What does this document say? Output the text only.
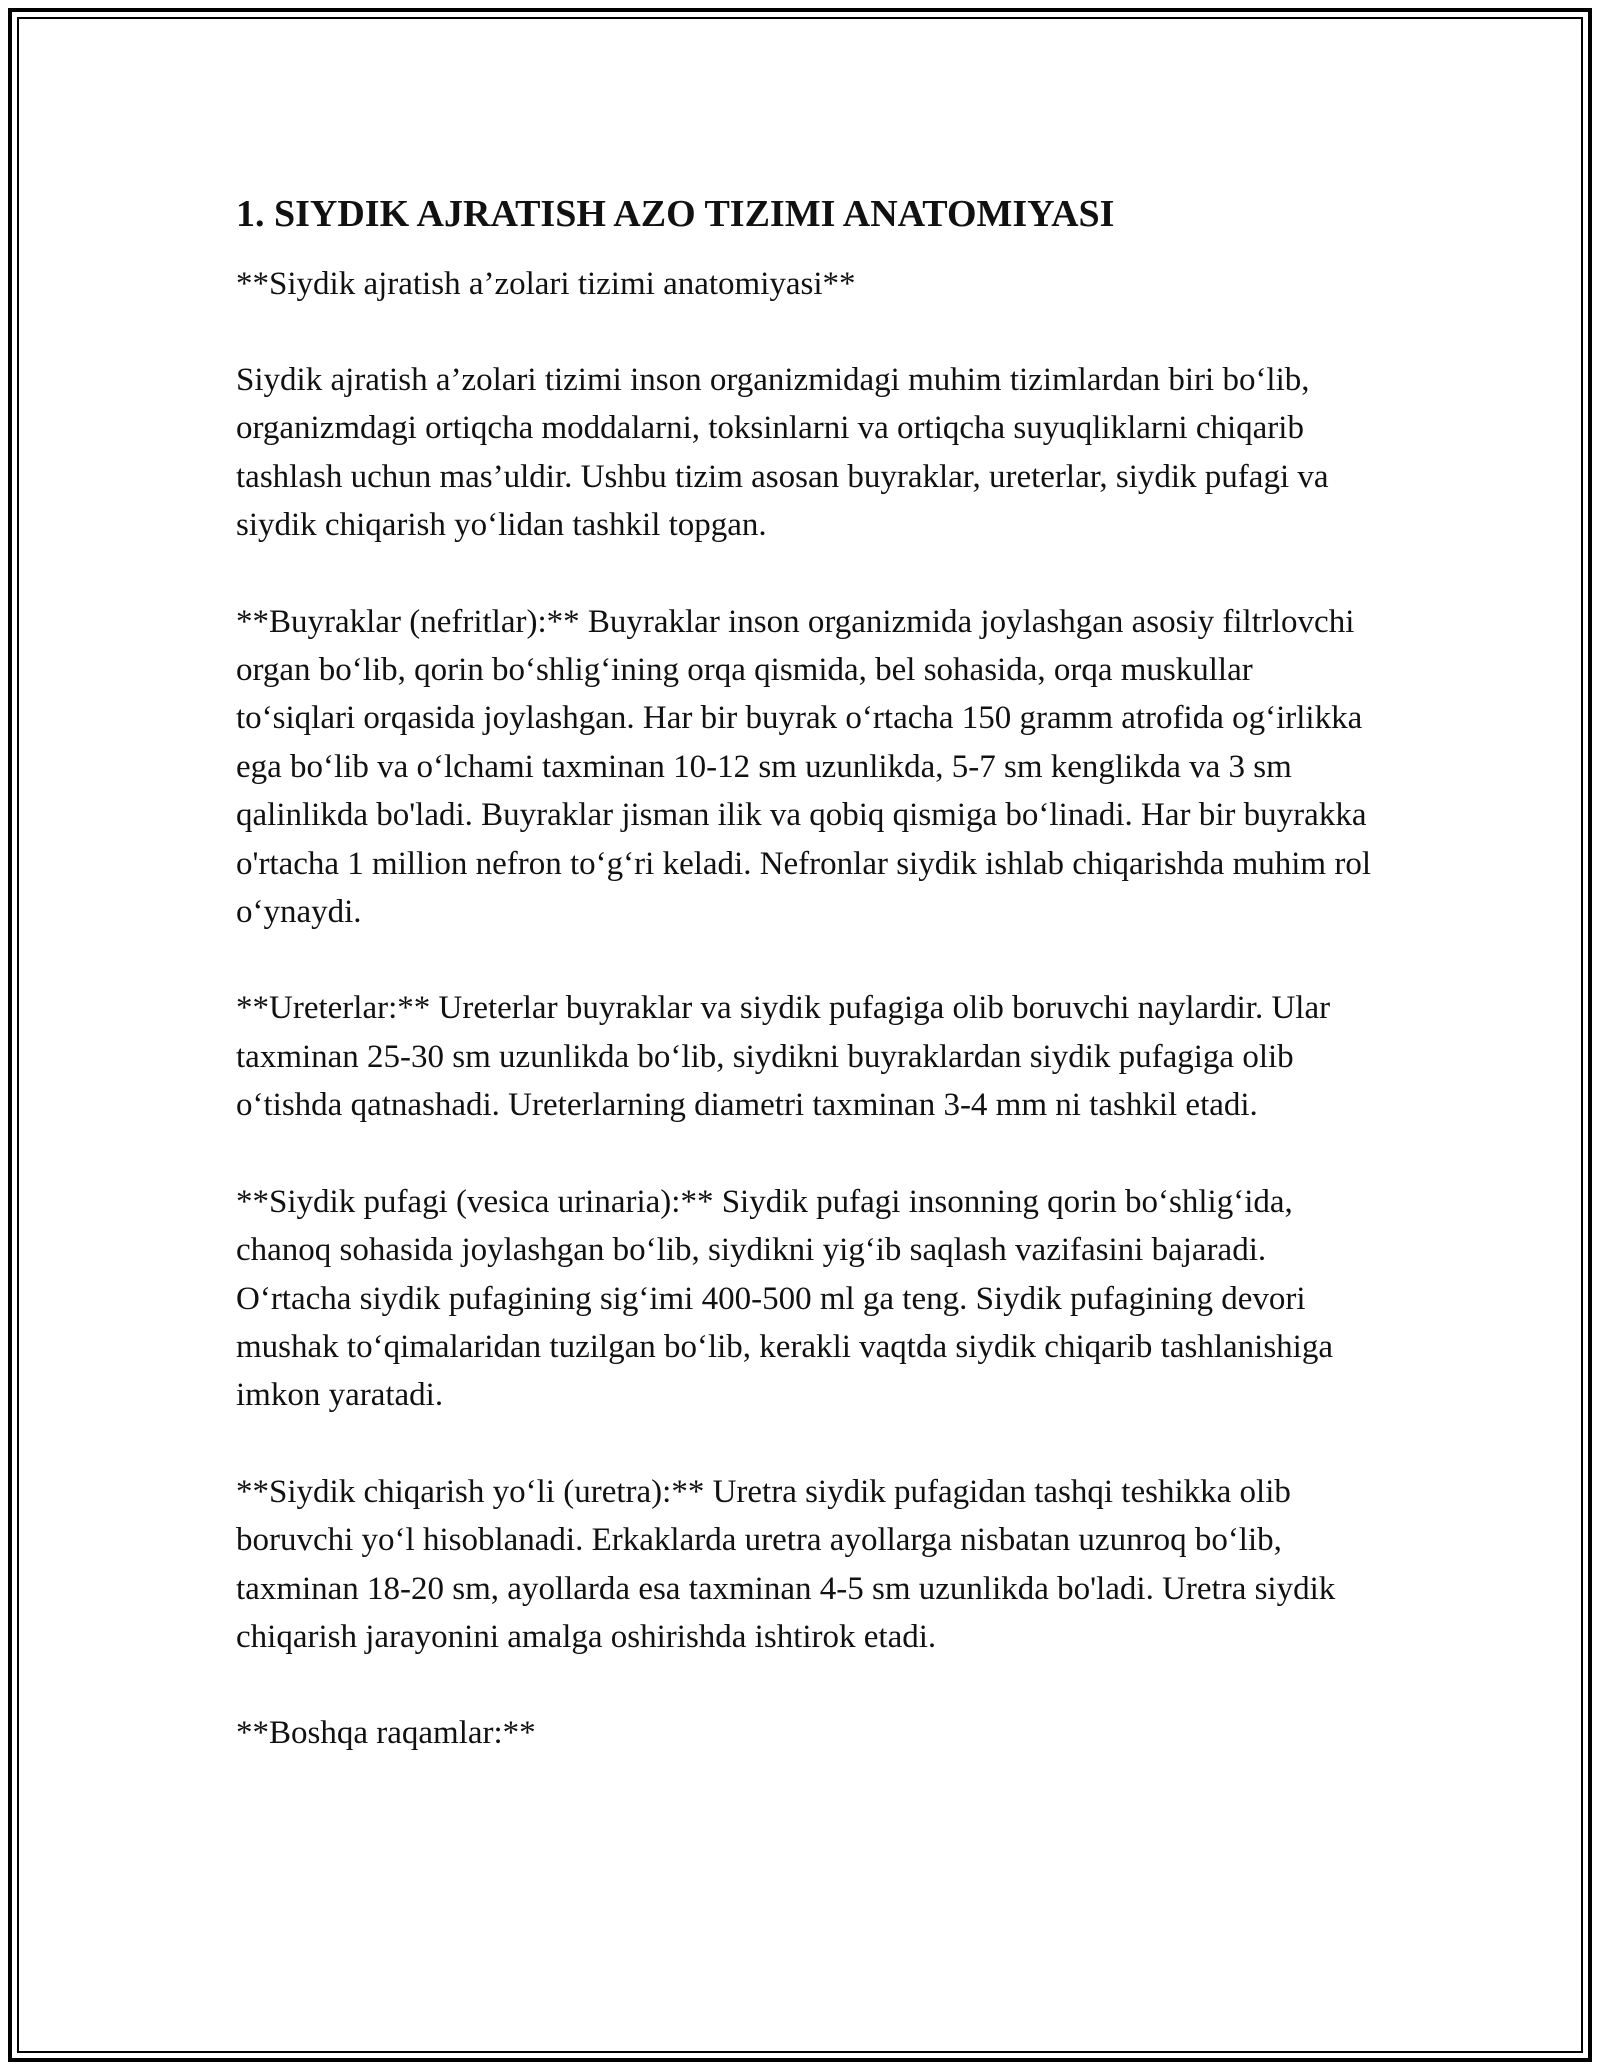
1. SIYDIK AJRATISH AZO TIZIMI ANATOMIYASI

**Siydik ajratish a’zolari tizimi anatomiyasi**

Siydik ajratish a’zolari tizimi inson organizmidagi muhim tizimlardan biri bo‘lib, organizmdagi ortiqcha moddalarni, toksinlarni va ortiqcha suyuqliklarni chiqarib tashlash uchun mas’uldir. Ushbu tizim asosan buyraklar, ureterlar, siydik pufagi va siydik chiqarish yo‘lidan tashkil topgan.

**Buyraklar (nefritlar):** Buyraklar inson organizmida joylashgan asosiy filtrlovchi organ bo‘lib, qorin bo‘shlig‘ining orqa qismida, bel sohasida, orqa muskullar to‘siqlari orqasida joylashgan. Har bir buyrak o‘rtacha 150 gramm atrofida og‘irlikka ega bo‘lib va o‘lchami taxminan 10-12 sm uzunlikda, 5-7 sm kenglikda va 3 sm qalinlikda bo'ladi. Buyraklar jisman ilik va qobiq qismiga bo‘linadi. Har bir buyrakka o'rtacha 1 million nefron to‘g‘ri keladi. Nefronlar siydik ishlab chiqarishda muhim rol o‘ynaydi.

**Ureterlar:** Ureterlar buyraklar va siydik pufagiga olib boruvchi naylardir. Ular taxminan 25-30 sm uzunlikda bo‘lib, siydikni buyraklardan siydik pufagiga olib o‘tishda qatnashadi. Ureterlarning diametri taxminan 3-4 mm ni tashkil etadi.

**Siydik pufagi (vesica urinaria):** Siydik pufagi insonning qorin bo‘shlig‘ida, chanoq sohasida joylashgan bo‘lib, siydikni yig‘ib saqlash vazifasini bajaradi. O‘rtacha siydik pufagining sig‘imi 400-500 ml ga teng. Siydik pufagining devori mushak to‘qimalaridan tuzilgan bo‘lib, kerakli vaqtda siydik chiqarib tashlanishiga imkon yaratadi.

**Siydik chiqarish yo‘li (uretra):** Uretra siydik pufagidan tashqi teshikka olib boruvchi yo‘l hisoblanadi. Erkaklarda uretra ayollarga nisbatan uzunroq bo‘lib, taxminan 18-20 sm, ayollarda esa taxminan 4-5 sm uzunlikda bo'ladi. Uretra siydik chiqarish jarayonini amalga oshirishda ishtirok etadi.

**Boshqa raqamlar:**
